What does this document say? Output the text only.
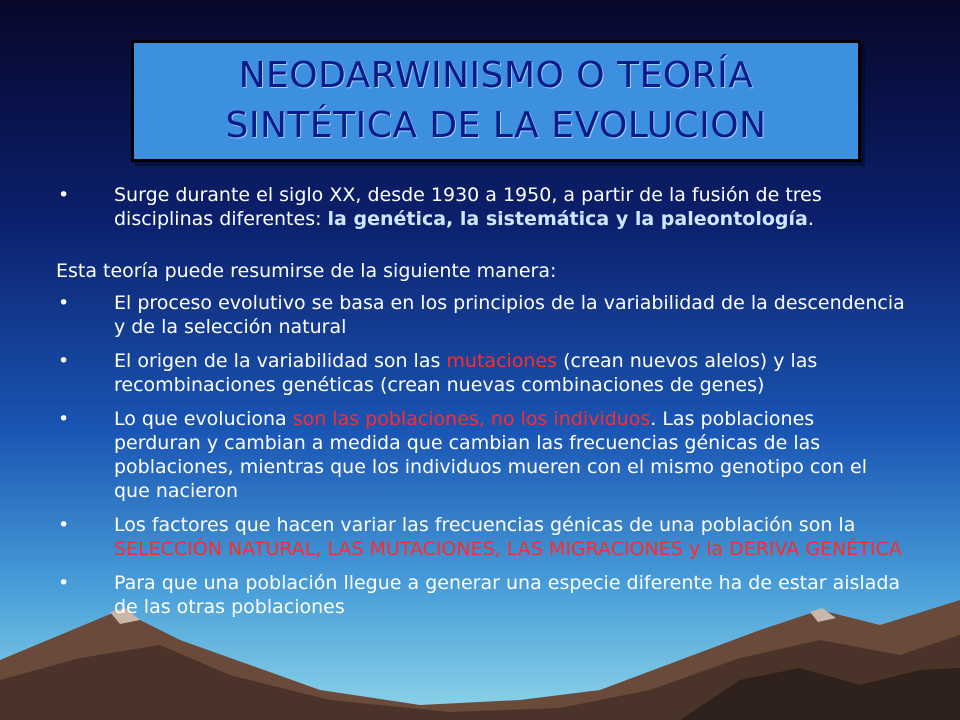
NEODARWINISMO O TEORÍA
SINTÉTICA DE LA EVOLUCION

• Surge durante el siglo XX, desde 1930 a 1950, a partir de la fusión de tres disciplinas diferentes: la genética, la sistemática y la paleontología.

Esta teoría puede resumirse de la siguiente manera:

• El proceso evolutivo se basa en los principios de la variabilidad de la descendencia y de la selección natural

• El origen de la variabilidad son las mutaciones (crean nuevos alelos) y las recombinaciones genéticas (crean nuevas combinaciones de genes)

• Lo que evoluciona son las poblaciones, no los individuos. Las poblaciones perduran y cambian a medida que cambian las frecuencias génicas de las poblaciones, mientras que los individuos mueren con el mismo genotipo con el que nacieron

• Los factores que hacen variar las frecuencias génicas de una población son la SELECCIÓN NATURAL, LAS MUTACIONES, LAS MIGRACIONES y la DERIVA GENÉTICA

• Para que una población llegue a generar una especie diferente ha de estar aislada de las otras poblaciones
